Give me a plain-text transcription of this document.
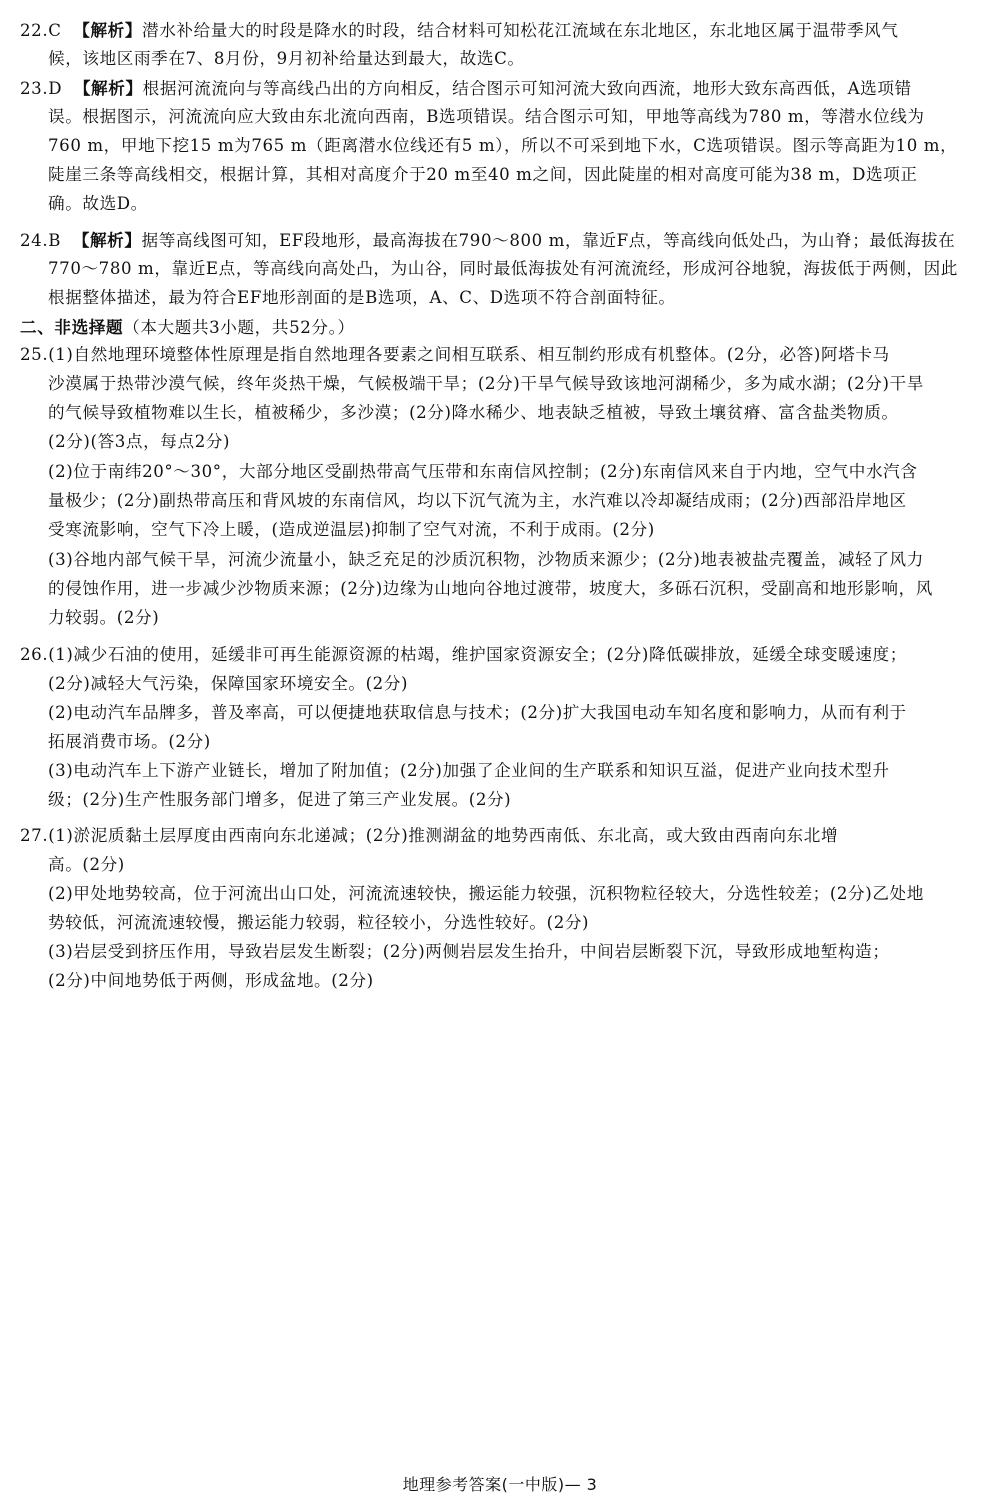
22.C 【解析】潜水补给量大的时段是降水的时段，结合材料可知松花江流域在东北地区，东北地区属于温带季风气
候，该地区雨季在7、8月份，9月初补给量达到最大，故选C。
23.D 【解析】根据河流流向与等高线凸出的方向相反，结合图示可知河流大致向西流，地形大致东高西低，A选项错
误。根据图示，河流流向应大致由东北流向西南，B选项错误。结合图示可知，甲地等高线为780 m，等潜水位线为
760 m，甲地下挖15 m为765 m（距离潜水位线还有5 m），所以不可采到地下水，C选项错误。图示等高距为10 m，
陡崖三条等高线相交，根据计算，其相对高度介于20 m至40 m之间，因此陡崖的相对高度可能为38 m，D选项正
确。故选D。
24.B 【解析】据等高线图可知，EF段地形，最高海拔在790～800 m，靠近F点，等高线向低处凸，为山脊；最低海拔在
770～780 m，靠近E点，等高线向高处凸，为山谷，同时最低海拔处有河流流经，形成河谷地貌，海拔低于两侧，因此
根据整体描述，最为符合EF地形剖面的是B选项，A、C、D选项不符合剖面特征。
二、非选择题（本大题共3小题，共52分。）
25.(1)自然地理环境整体性原理是指自然地理各要素之间相互联系、相互制约形成有机整体。(2分，必答)阿塔卡马
沙漠属于热带沙漠气候，终年炎热干燥，气候极端干旱；(2分)干旱气候导致该地河湖稀少，多为咸水湖；(2分)干旱
的气候导致植物难以生长，植被稀少，多沙漠；(2分)降水稀少、地表缺乏植被，导致土壤贫瘠、富含盐类物质。
(2分)(答3点，每点2分)
(2)位于南纬20°～30°，大部分地区受副热带高气压带和东南信风控制；(2分)东南信风来自于内地，空气中水汽含
量极少；(2分)副热带高压和背风坡的东南信风，均以下沉气流为主，水汽难以冷却凝结成雨；(2分)西部沿岸地区
受寒流影响，空气下冷上暖，(造成逆温层)抑制了空气对流，不利于成雨。(2分)
(3)谷地内部气候干旱，河流少流量小，缺乏充足的沙质沉积物，沙物质来源少；(2分)地表被盐壳覆盖，减轻了风力
的侵蚀作用，进一步减少沙物质来源；(2分)边缘为山地向谷地过渡带，坡度大，多砾石沉积，受副高和地形影响，风
力较弱。(2分)
26.(1)减少石油的使用，延缓非可再生能源资源的枯竭，维护国家资源安全；(2分)降低碳排放，延缓全球变暖速度；
(2分)减轻大气污染，保障国家环境安全。(2分)
(2)电动汽车品牌多，普及率高，可以便捷地获取信息与技术；(2分)扩大我国电动车知名度和影响力，从而有利于
拓展消费市场。(2分)
(3)电动汽车上下游产业链长，增加了附加值；(2分)加强了企业间的生产联系和知识互溢，促进产业向技术型升
级；(2分)生产性服务部门增多，促进了第三产业发展。(2分)
27.(1)淤泥质黏土层厚度由西南向东北递减；(2分)推测湖盆的地势西南低、东北高，或大致由西南向东北增
高。(2分)
(2)甲处地势较高，位于河流出山口处，河流流速较快，搬运能力较强，沉积物粒径较大，分选性较差；(2分)乙处地
势较低，河流流速较慢，搬运能力较弱，粒径较小，分选性较好。(2分)
(3)岩层受到挤压作用，导致岩层发生断裂；(2分)两侧岩层发生抬升，中间岩层断裂下沉，导致形成地堑构造；
(2分)中间地势低于两侧，形成盆地。(2分)
地理参考答案(一中版)— 3
